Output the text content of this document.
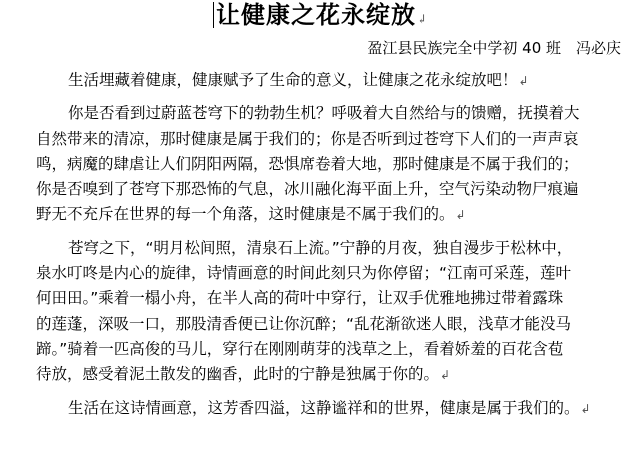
让健康之花永绽放↲
盈江县民族完全中学初 40 班　冯必庆
生活埋藏着健康，健康赋予了生命的意义，让健康之花永绽放吧！↲
你是否看到过蔚蓝苍穹下的勃勃生机？呼吸着大自然给与的馈赠，抚摸着大
自然带来的清凉，那时健康是属于我们的；你是否听到过苍穹下人们的一声声哀
鸣，病魔的肆虐让人们阴阳两隔，恐惧席卷着大地，那时健康是不属于我们的；
你是否嗅到了苍穹下那恐怖的气息，冰川融化海平面上升，空气污染动物尸痕遍
野无不充斥在世界的每一个角落，这时健康是不属于我们的。↲
苍穹之下，“明月松间照，清泉石上流。”宁静的月夜，独自漫步于松林中，
泉水叮咚是内心的旋律，诗情画意的时间此刻只为你停留；“江南可采莲，莲叶
何田田。”乘着一榻小舟，在半人高的荷叶中穿行，让双手优雅地拂过带着露珠
的莲蓬，深吸一口，那股清香便已让你沉醉；“乱花渐欲迷人眼，浅草才能没马
蹄。”骑着一匹高俊的马儿，穿行在刚刚萌芽的浅草之上，看着娇羞的百花含苞
待放，感受着泥土散发的幽香，此时的宁静是独属于你的。↲
生活在这诗情画意，这芳香四溢，这静谧祥和的世界，健康是属于我们的。↲
